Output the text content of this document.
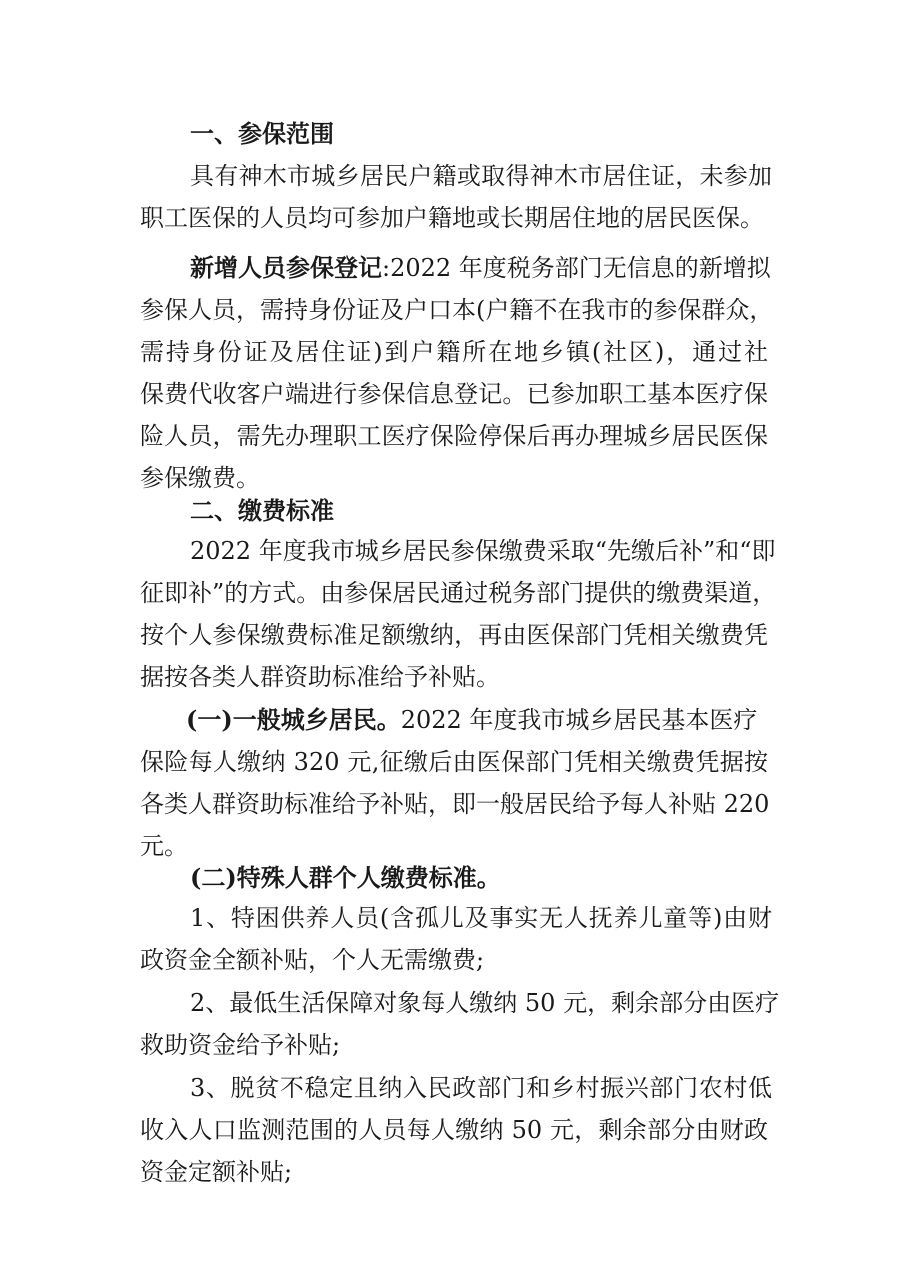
一、参保范围
具有神木市城乡居民户籍或取得神木市居住证，未参加
职工医保的人员均可参加户籍地或长期居住地的居民医保。
新增人员参保登记:2022 年度税务部门无信息的新增拟
参保人员，需持身份证及户口本(户籍不在我市的参保群众，
需持身份证及居住证)到户籍所在地乡镇(社区)，通过社
保费代收客户端进行参保信息登记。已参加职工基本医疗保
险人员，需先办理职工医疗保险停保后再办理城乡居民医保
参保缴费。
二、缴费标准
2022 年度我市城乡居民参保缴费采取“先缴后补”和“即
征即补”的方式。由参保居民通过税务部门提供的缴费渠道，
按个人参保缴费标准足额缴纳，再由医保部门凭相关缴费凭
据按各类人群资助标准给予补贴。
(一)一般城乡居民。2022 年度我市城乡居民基本医疗
保险每人缴纳 320 元,征缴后由医保部门凭相关缴费凭据按
各类人群资助标准给予补贴，即一般居民给予每人补贴 220
元。
(二)特殊人群个人缴费标准。
1、特困供养人员(含孤儿及事实无人抚养儿童等)由财
政资金全额补贴，个人无需缴费;
2、最低生活保障对象每人缴纳 50 元，剩余部分由医疗
救助资金给予补贴;
3、脱贫不稳定且纳入民政部门和乡村振兴部门农村低
收入人口监测范围的人员每人缴纳 50 元，剩余部分由财政
资金定额补贴;
